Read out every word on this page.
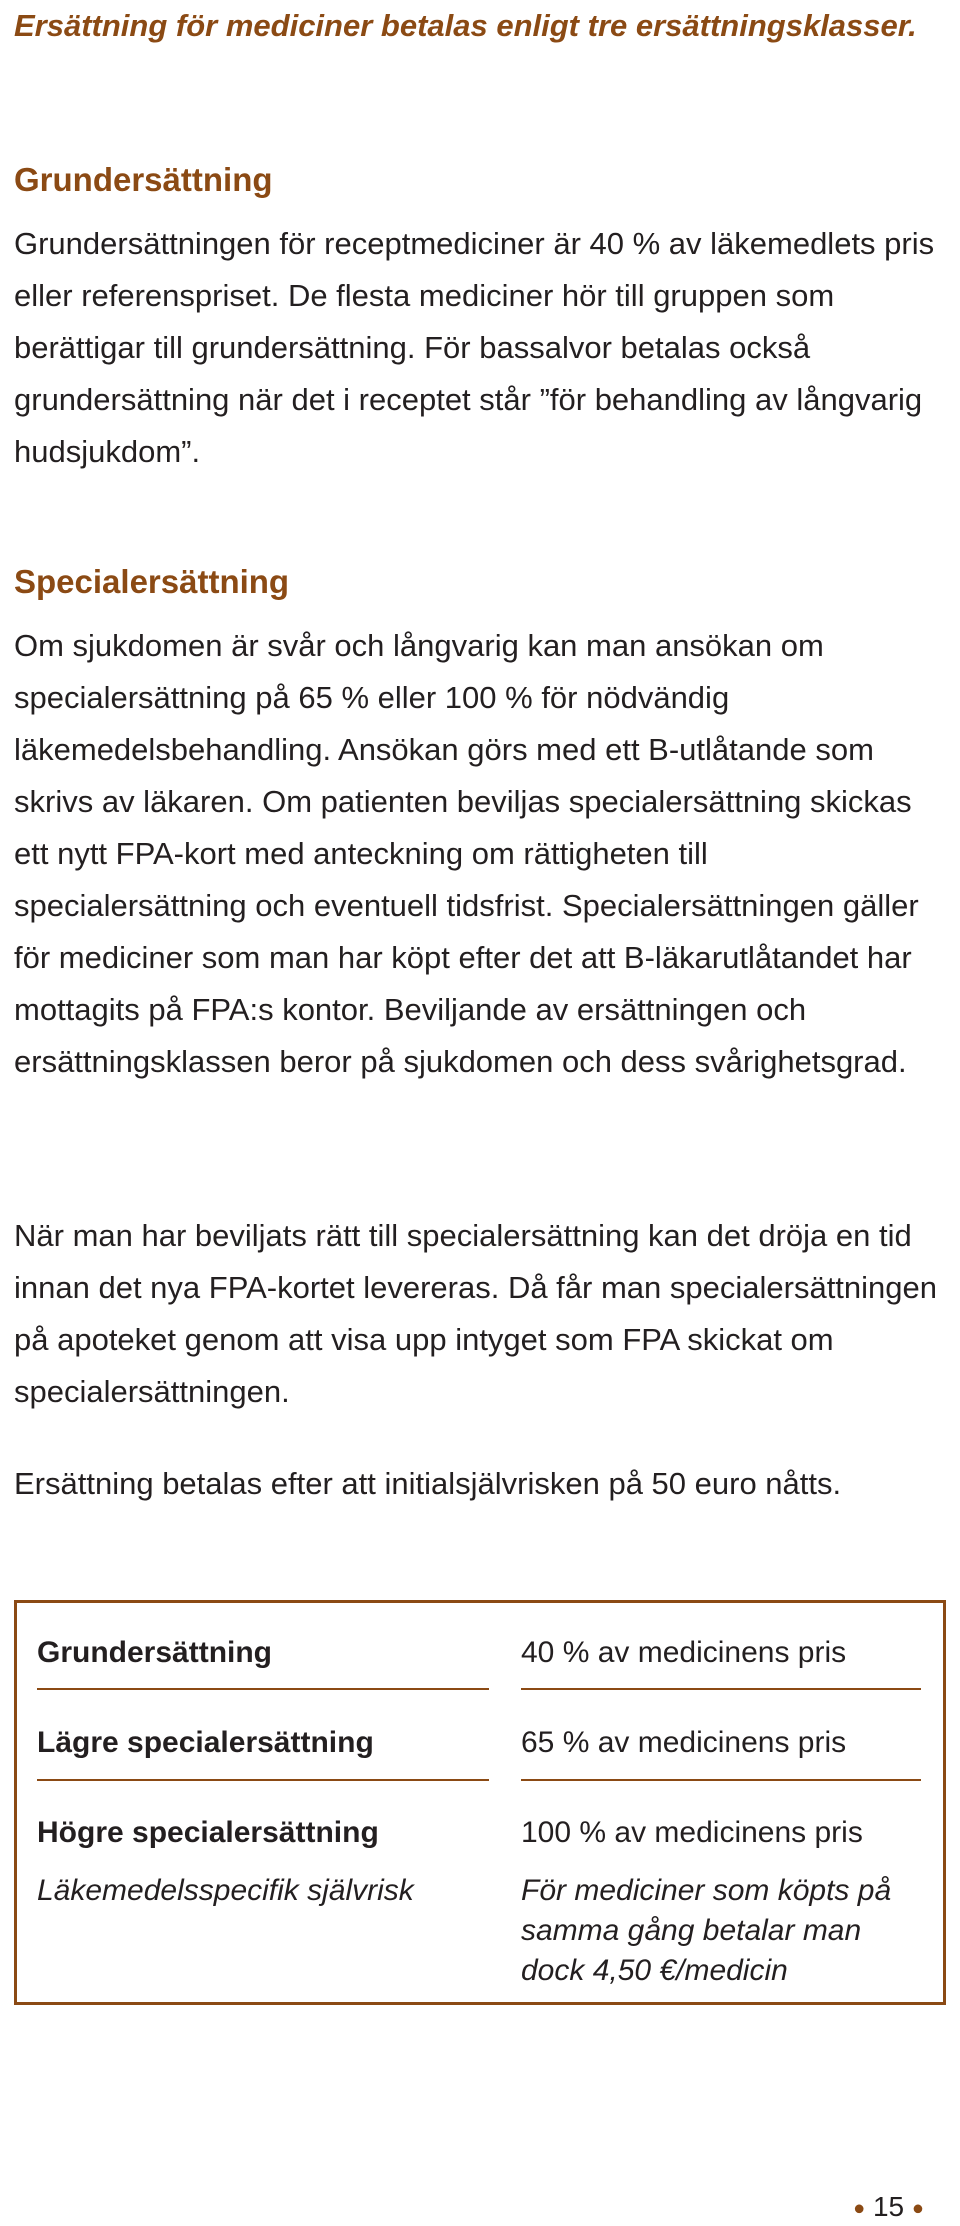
Ersättning för mediciner betalas enligt tre ersättningsklasser.

Grundersättning

Grundersättningen för receptmediciner är 40 % av läkemedlets pris eller referenspriset. De flesta mediciner hör till gruppen som berättigar till grundersättning. För bassalvor betalas också grundersättning när det i receptet står ”för behandling av långvarig hudsjukdom”.

Specialersättning

Om sjukdomen är svår och långvarig kan man ansökan om specialersättning på 65 % eller 100 % för nödvändig läkemedelsbehandling. Ansökan görs med ett B-utlåtande som skrivs av läkaren. Om patienten beviljas specialersättning skickas ett nytt FPA-kort med anteckning om rättigheten till specialersättning och eventuell tidsfrist. Specialersättningen gäller för mediciner som man har köpt efter det att B-läkarutlåtandet har mottagits på FPA:s kontor. Beviljande av ersättningen och ersättningsklassen beror på sjukdomen och dess svårighetsgrad.

När man har beviljats rätt till specialersättning kan det dröja en tid innan det nya FPA-kortet levereras. Då får man specialersättningen på apoteket genom att visa upp intyget som FPA skickat om specialersättningen.

Ersättning betalas efter att initialsjälvrisken på 50 euro nåtts.

Grundersättning	40 % av medicinens pris
Lägre specialersättning	65 % av medicinens pris
Högre specialersättning	100 % av medicinens pris
Läkemedelsspecifik självrisk	För mediciner som köpts på samma gång betalar man dock 4,50 €/medicin
● 15 ●
